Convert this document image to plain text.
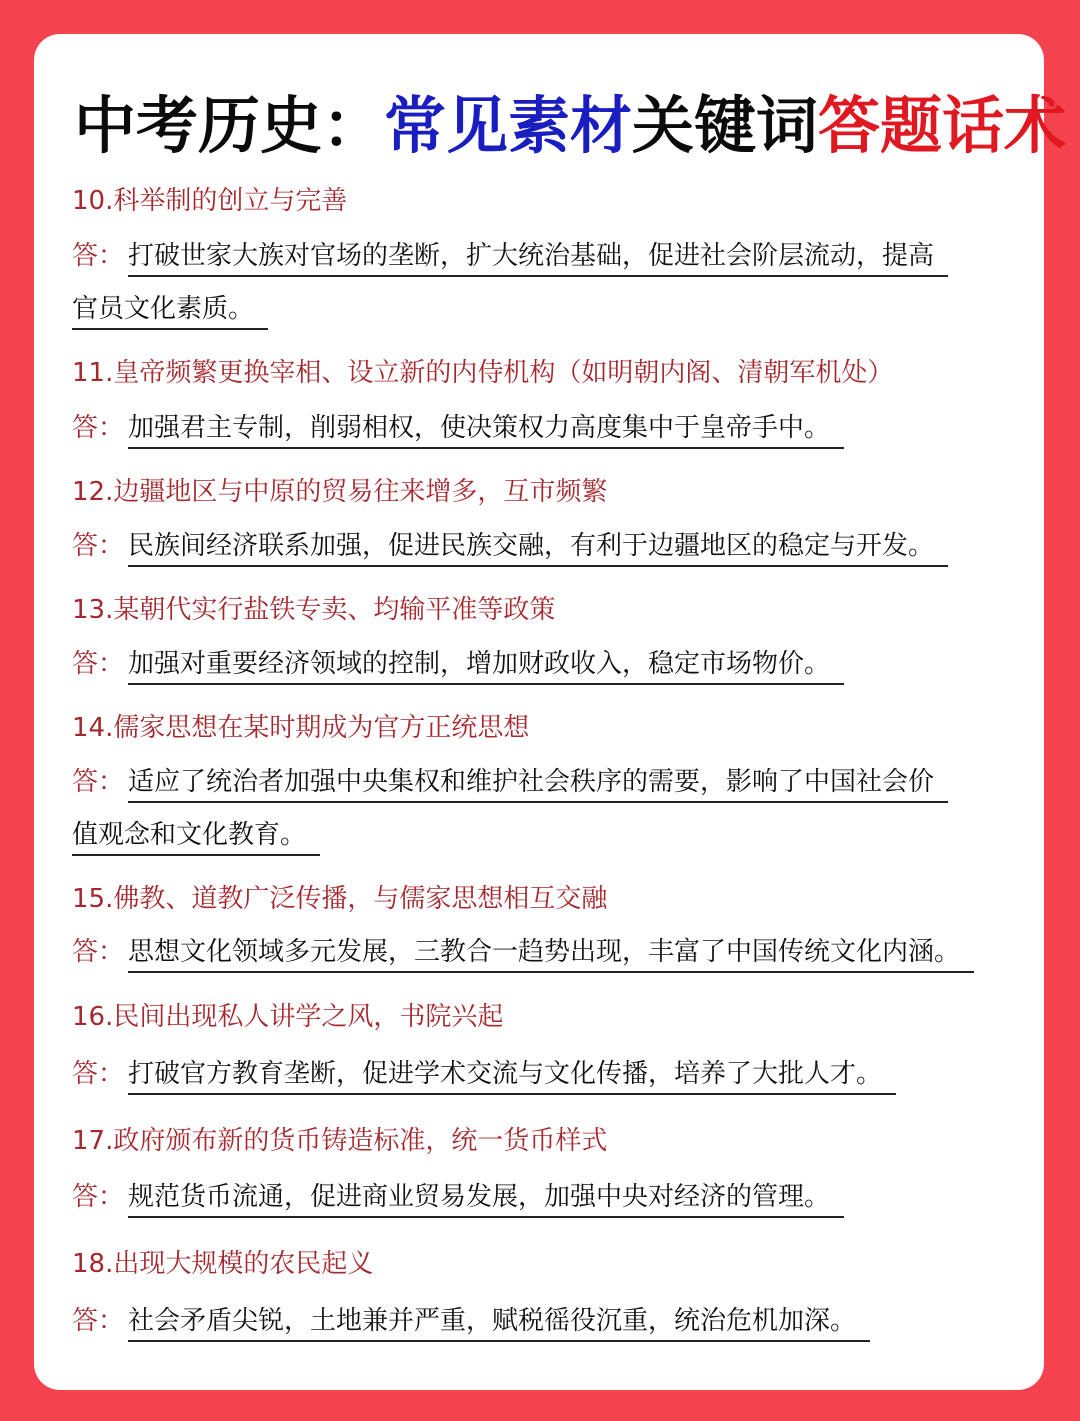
中考历史：常见素材关键词答题话术
10.科举制的创立与完善
答： 打破世家大族对官场的垄断，扩大统治基础，促进社会阶层流动，提高
官员文化素质。
11.皇帝频繁更换宰相、设立新的内侍机构（如明朝内阁、清朝军机处）
答： 加强君主专制，削弱相权，使决策权力高度集中于皇帝手中。
12.边疆地区与中原的贸易往来增多，互市频繁
答： 民族间经济联系加强，促进民族交融，有利于边疆地区的稳定与开发。
13.某朝代实行盐铁专卖、均输平准等政策
答： 加强对重要经济领域的控制，增加财政收入，稳定市场物价。
14.儒家思想在某时期成为官方正统思想
答： 适应了统治者加强中央集权和维护社会秩序的需要，影响了中国社会价
值观念和文化教育。
15.佛教、道教广泛传播，与儒家思想相互交融
答： 思想文化领域多元发展，三教合一趋势出现，丰富了中国传统文化内涵。
16.民间出现私人讲学之风，书院兴起
答： 打破官方教育垄断，促进学术交流与文化传播，培养了大批人才。
17.政府颁布新的货币铸造标准，统一货币样式
答： 规范货币流通，促进商业贸易发展，加强中央对经济的管理。
18.出现大规模的农民起义
答： 社会矛盾尖锐，土地兼并严重，赋税徭役沉重，统治危机加深。
